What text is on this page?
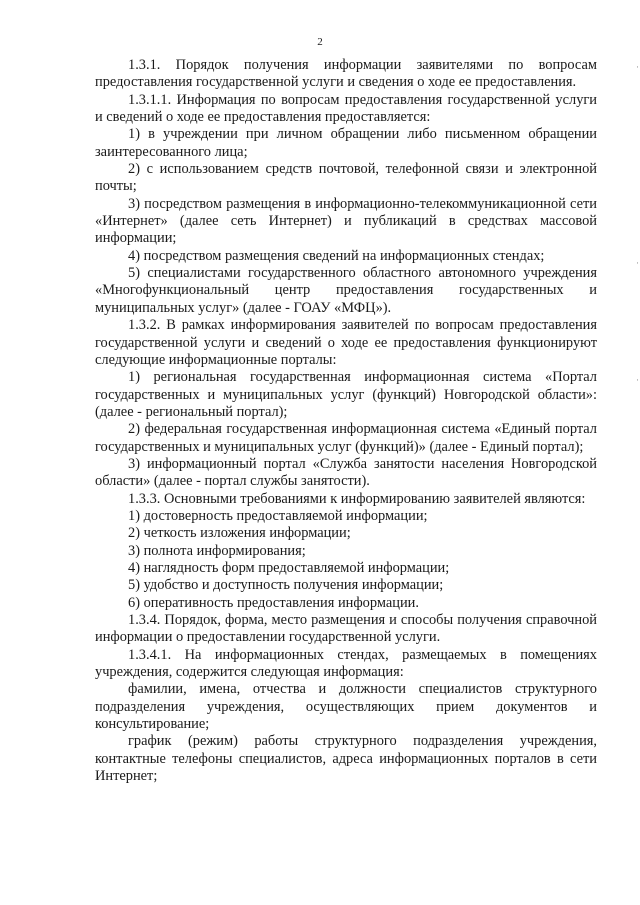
2
·
·
·

1.3.1. Порядок получения информации заявителями по вопросам предоставления государственной услуги и сведения о ходе ее предоставления.

1.3.1.1. Информация по вопросам предоставления государственной услуги и сведений о ходе ее предоставления предоставляется:

1) в учреждении при личном обращении либо письменном обращении заинтересованного лица;

2) с использованием средств почтовой, телефонной связи и электронной почты;

3) посредством размещения в информационно-телекоммуникационной сети «Интернет» (далее сеть Интернет) и публикаций в средствах массовой информации;

4) посредством размещения сведений на информационных стендах;

5) специалистами государственного областного автономного учреждения «Многофункциональный центр предоставления государственных и муниципальных услуг» (далее - ГОАУ «МФЦ»).

1.3.2. В рамках информирования заявителей по вопросам предоставления государственной услуги и сведений о ходе ее предоставления функционируют следующие информационные порталы:

1) региональная государственная информационная система «Портал государственных и муниципальных услуг (функций) Новгородской области»: (далее - региональный портал);

2) федеральная государственная информационная система «Единый портал государственных и муниципальных услуг (функций)» (далее - Единый портал);

3) информационный портал «Служба занятости населения Новгородской области» (далее - портал службы занятости).

1.3.3. Основными требованиями к информированию заявителей являются:

1) достоверность предоставляемой информации;

2) четкость изложения информации;

3) полнота информирования;

4) наглядность форм предоставляемой информации;

5) удобство и доступность получения информации;

6) оперативность предоставления информации.

1.3.4. Порядок, форма, место размещения и способы получения справочной информации о предоставлении государственной услуги.

1.3.4.1. На информационных стендах, размещаемых в помещениях учреждения, содержится следующая информация:

фамилии, имена, отчества и должности специалистов структурного подразделения учреждения, осуществляющих прием документов и консультирование;

график (режим) работы структурного подразделения учреждения, контактные телефоны специалистов, адреса информационных порталов в сети Интернет;
